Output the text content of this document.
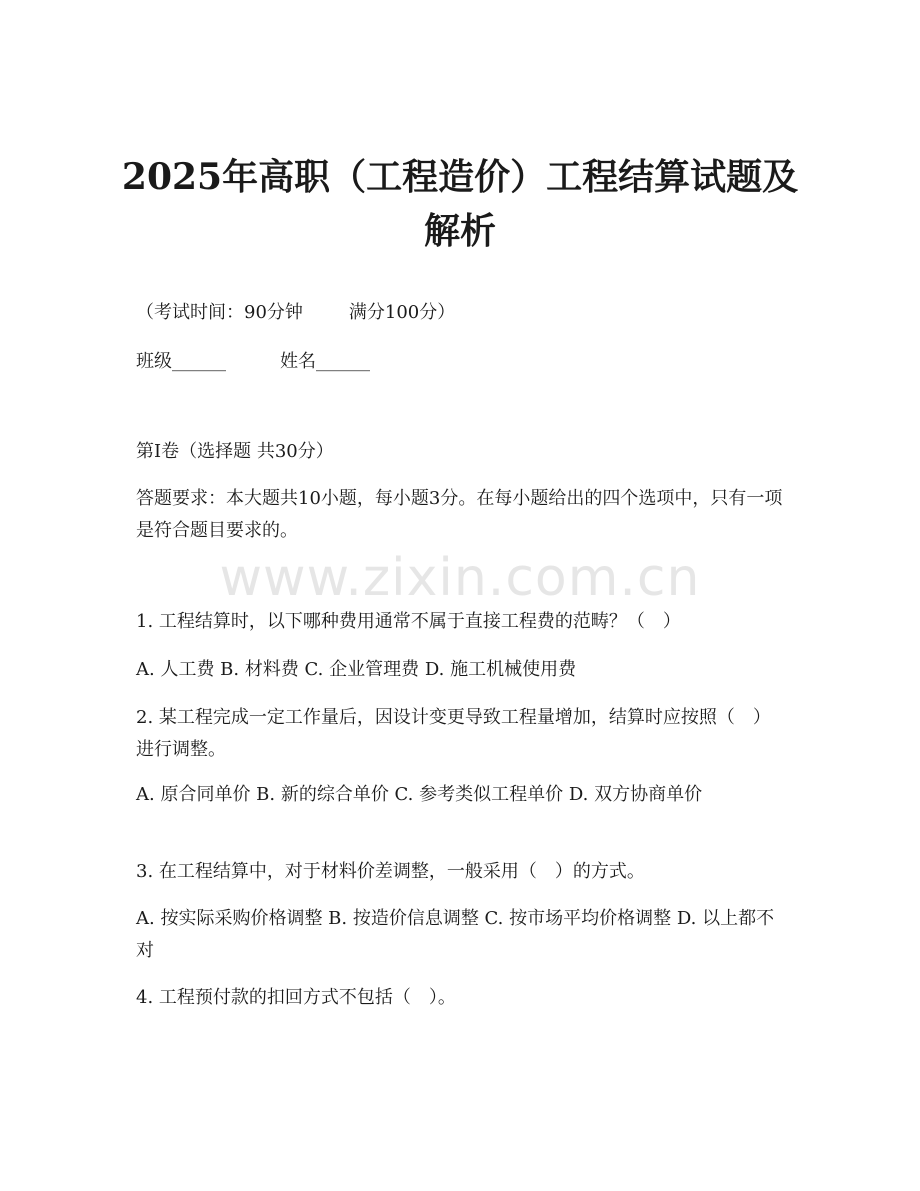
2025年高职（工程造价）工程结算试题及解析
（考试时间：90分钟	满分100分）
班级______	姓名______
第I卷（选择题 共30分）
答题要求：本大题共10小题，每小题3分。在每小题给出的四个选项中，只有一项是符合题目要求的。
www.zixin.com.cn
1. 工程结算时，以下哪种费用通常不属于直接工程费的范畴？（　）
A. 人工费 B. 材料费 C. 企业管理费 D. 施工机械使用费
2. 某工程完成一定工作量后，因设计变更导致工程量增加，结算时应按照（　）进行调整。
A. 原合同单价 B. 新的综合单价 C. 参考类似工程单价 D. 双方协商单价
3. 在工程结算中，对于材料价差调整，一般采用（　）的方式。
A. 按实际采购价格调整 B. 按造价信息调整 C. 按市场平均价格调整 D. 以上都不对
4. 工程预付款的扣回方式不包括（　）。
